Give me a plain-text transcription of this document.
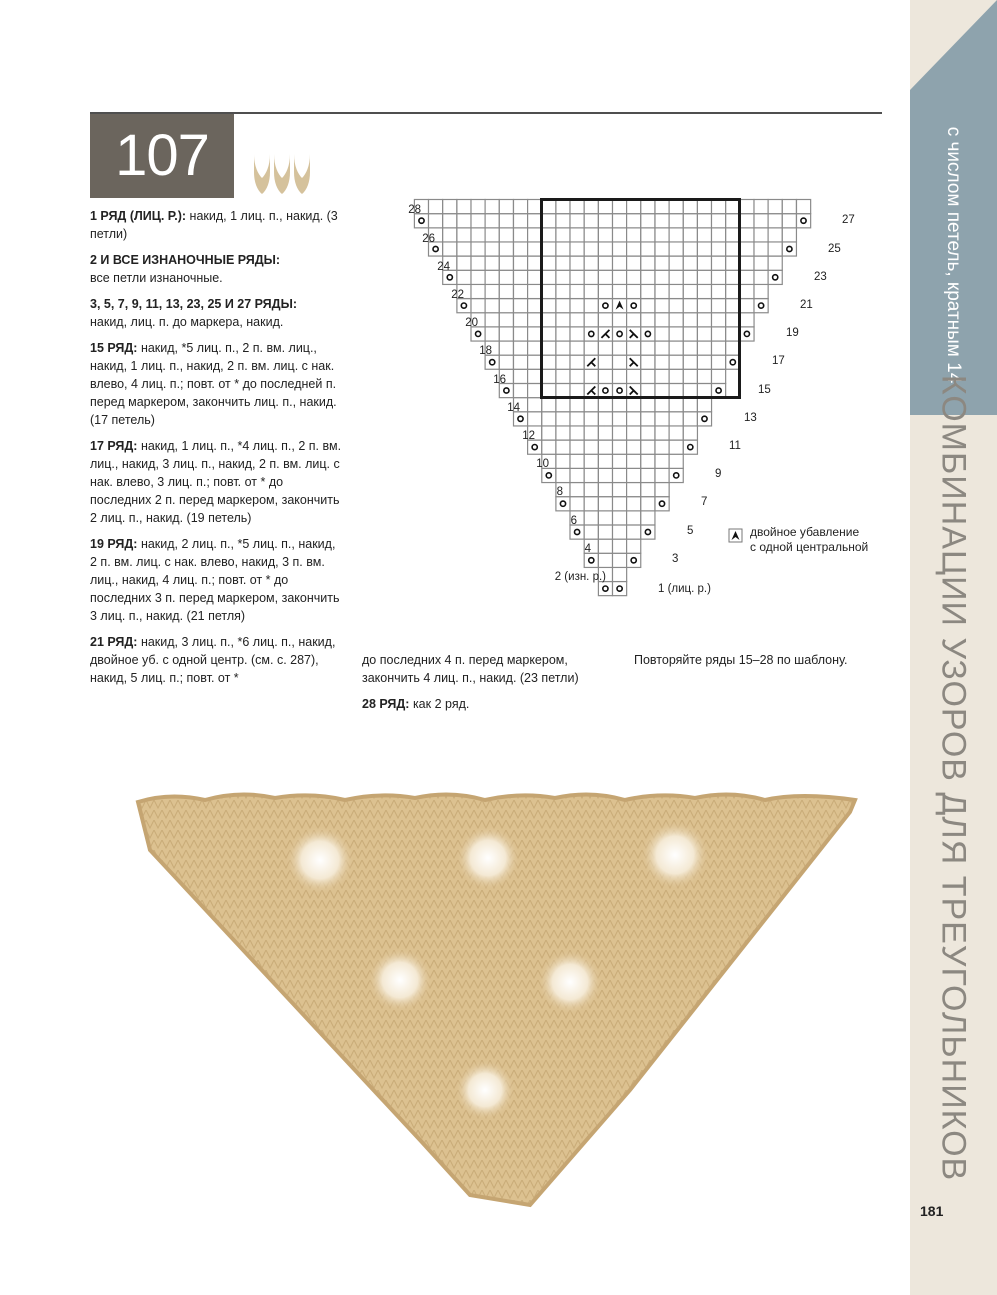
с числом петель, кратным 14
КОМБИНАЦИИ УЗОРОВ ДЛЯ ТРЕУГОЛЬНИКОВ
181
107

1 РЯД (ЛИЦ. Р.): накид, 1 лиц. п., накид. (3 петли)

2 И ВСЕ ИЗНАНОЧНЫЕ РЯДЫ:
все петли изнаночные.

3, 5, 7, 9, 11, 13, 23, 25 И 27 РЯДЫ:
накид, лиц. п. до маркера, накид.

15 РЯД: накид, *5 лиц. п., 2 п. вм. лиц., накид, 1 лиц. п., накид, 2 п. вм. лиц. с нак. влево, 4 лиц. п.; повт. от * до последней п. перед маркером, закончить лиц. п., накид. (17 петель)

17 РЯД: накид, 1 лиц. п., *4 лиц. п., 2 п. вм. лиц., накид, 3 лиц. п., накид, 2 п. вм. лиц. с нак. влево, 3 лиц. п.; повт. от * до последних 2 п. перед маркером, закончить 2 лиц. п., накид. (19 петель)

19 РЯД: накид, 2 лиц. п., *5 лиц. п., накид, 2 п. вм. лиц. с нак. влево, накид, 3 п. вм. лиц., накид, 4 лиц. п.; повт. от * до последних 3 п. перед маркером, закончить 3 лиц. п., накид. (21 петля)

21 РЯД: накид, 3 лиц. п., *6 лиц. п., накид, двойное уб. с одной центр. (см. с. 287), накид, 5 лиц. п.; повт. от *

до последних 4 п. перед маркером, закончить 4 лиц. п., накид. (23 петли)

28 РЯД: как 2 ряд.

Повторяйте ряды 15–28 по шаблону.
1 (лиц. р.)
3
5
7
9
11
13
15
17
19
21
23
25
27
2 (изн. р.)
4
6
8
10
12
14
16
18
20
22
24
26
28
двойное убавление
с одной центральной
